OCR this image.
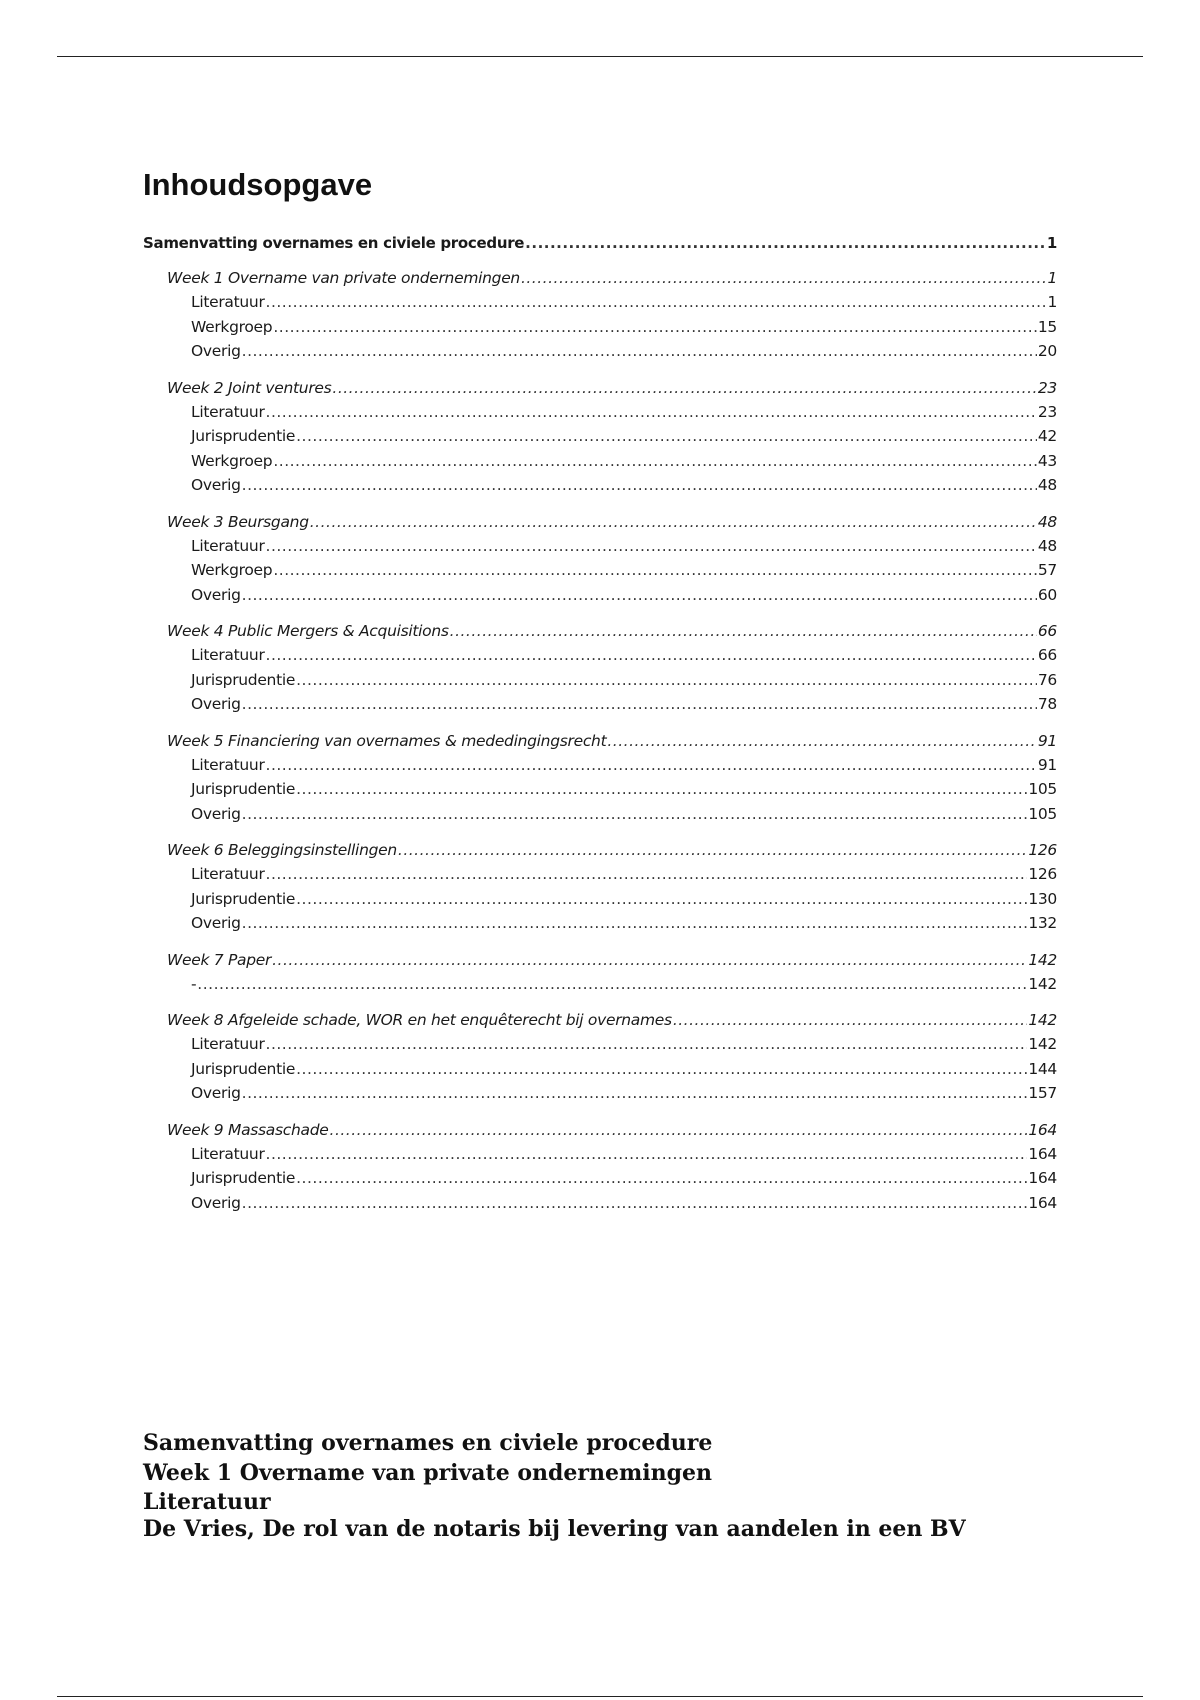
Inhoudsopgave
Samenvatting overnames en civiele procedure .....	1
Week 1 Overname van private ondernemingen .....	1
Literatuur .....	1
Werkgroep .....	15
Overig .....	20
Week 2 Joint ventures .....	23
Literatuur .....	23
Jurisprudentie .....	42
Werkgroep .....	43
Overig .....	48
Week 3 Beursgang .....	48
Literatuur .....	48
Werkgroep .....	57
Overig .....	60
Week 4 Public Mergers & Acquisitions .....	66
Literatuur .....	66
Jurisprudentie .....	76
Overig .....	78
Week 5 Financiering van overnames & mededingingsrecht .....	91
Literatuur .....	91
Jurisprudentie .....	105
Overig .....	105
Week 6 Beleggingsinstellingen .....	126
Literatuur .....	126
Jurisprudentie .....	130
Overig .....	132
Week 7 Paper .....	142
- .....	142
Week 8 Afgeleide schade, WOR en het enquêterecht bij overnames .....	142
Literatuur .....	142
Jurisprudentie .....	144
Overig .....	157
Week 9 Massaschade .....	164
Literatuur .....	164
Jurisprudentie .....	164
Overig .....	164
Samenvatting overnames en civiele procedure
Week 1 Overname van private ondernemingen
Literatuur
De Vries, De rol van de notaris bij levering van aandelen in een BV
